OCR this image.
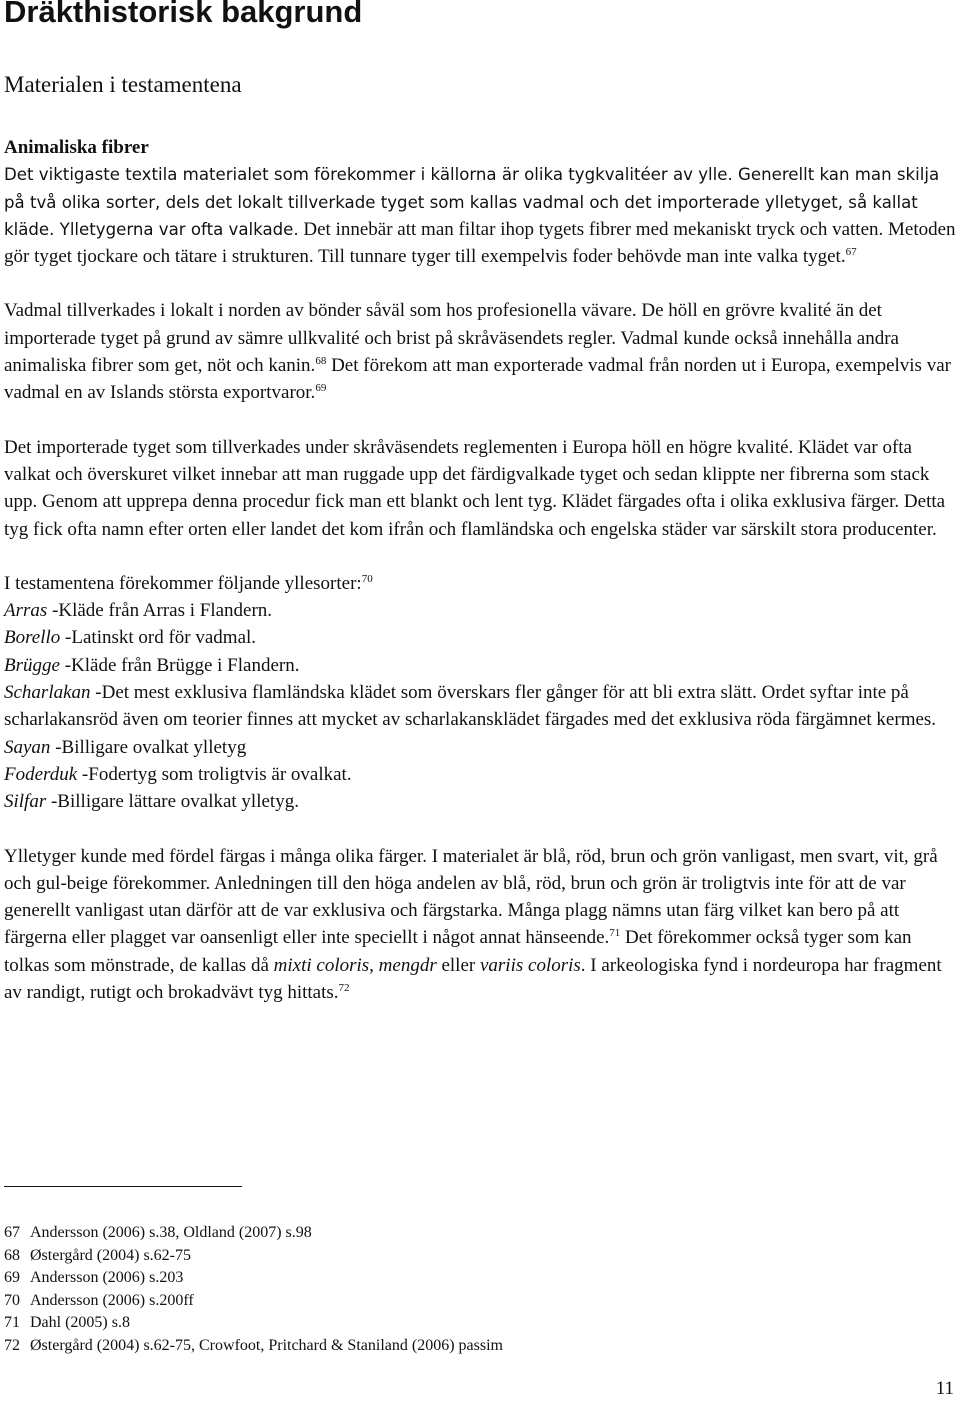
Dräkthistorisk bakgrund
Materialen i testamentena
Animaliska fibrer

Det viktigaste textila materialet som förekommer i källorna är olika tygkvalitéer av ylle. Generellt kan man skilja på två olika sorter, dels det lokalt tillverkade tyget som kallas vadmal och det importerade ylletyget, så kallat kläde. Ylletygerna var ofta valkade. Det innebär att man filtar ihop tygets fibrer med mekaniskt tryck och vatten. Metoden gör tyget tjockare och tätare i strukturen. Till tunnare tyger till exempelvis foder behövde man inte valka tyget.$^{67}$

Vadmal tillverkades i lokalt i norden av bönder såväl som hos profesionella vävare. De höll en grövre kvalité än det importerade tyget på grund av sämre ullkvalité och brist på skråväsendets regler. Vadmal kunde också innehålla andra animaliska fibrer som get, nöt och kanin.$^{68}$ Det förekom att man exporterade vadmal från norden ut i Europa, exempelvis var vadmal en av Islands största exportvaror.$^{69}$

Det importerade tyget som tillverkades under skråväsendets reglementen i Europa höll en högre kvalité. Klädet var ofta valkat och överskuret vilket innebar att man ruggade upp det färdigvalkade tyget och sedan klippte ner fibrerna som stack upp. Genom att upprepa denna procedur fick man ett blankt och lent tyg. Klädet färgades ofta i olika exklusiva färger. Detta tyg fick ofta namn efter orten eller landet det kom ifrån och flamländska och engelska städer var särskilt stora producenter.

I testamentena förekommer följande yllesorter:$^{70}$

Arras -Kläde från Arras i Flandern.
Borello -Latinskt ord för vadmal.
Brügge -Kläde från Brügge i Flandern.
Scharlakan -Det mest exklusiva flamländska klädet som överskars fler gånger för att bli extra slätt. Ordet syftar inte på scharlakansröd även om teorier finnes att mycket av scharlakansklädet färgades med det exklusiva röda färgämnet kermes.
Sayan -Billigare ovalkat ylletyg
Foderduk -Fodertyg som troligtvis är ovalkat.
Silfar -Billigare lättare ovalkat ylletyg.

Ylletyger kunde med fördel färgas i många olika färger. I materialet är blå, röd, brun och grön vanligast, men svart, vit, grå och gul-beige förekommer. Anledningen till den höga andelen av blå, röd, brun och grön är troligtvis inte för att de var generellt vanligast utan därför att de var exklusiva och färgstarka. Många plagg nämns utan färg vilket kan bero på att färgerna eller plagget var oansenligt eller inte speciellt i något annat hänseende.$^{71}$ Det förekommer också tyger som kan tolkas som mönstrade, de kallas då mixti coloris, mengdr eller variis coloris. I arkeologiska fynd i nordeuropa har fragment av randigt, rutigt och brokadvävt tyg hittats.$^{72}$

67 Andersson (2006) s.38, Oldland (2007) s.98
68 Østergård (2004) s.62-75
69 Andersson (2006) s.203
70 Andersson (2006) s.200ff
71 Dahl (2005) s.8
72 Østergård (2004) s.62-75, Crowfoot, Pritchard & Staniland (2006) passim
11
